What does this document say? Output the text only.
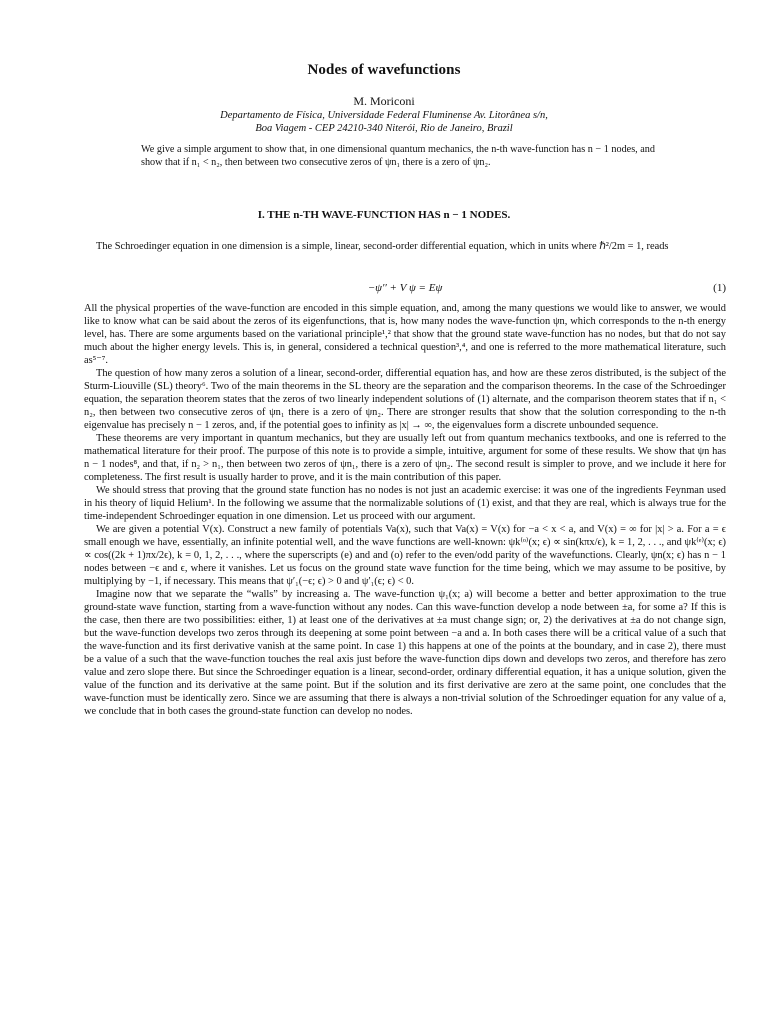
Nodes of wavefunctions
M. Moriconi
Departamento de Física, Universidade Federal Fluminense Av. Litorânea s/n,
Boa Viagem - CEP 24210-340 Niterói, Rio de Janeiro, Brazil
We give a simple argument to show that, in one dimensional quantum mechanics, the n-th wave-function has n − 1 nodes, and show that if n₁ < n₂, then between two consecutive zeros of ψn₁ there is a zero of ψn₂.
I. THE n-TH WAVE-FUNCTION HAS n − 1 NODES.

The Schroedinger equation in one dimension is a simple, linear, second-order differential equation, which in units where ℏ²/2m = 1, reads

−ψ′′ + V ψ = Eψ	(1)

All the physical properties of the wave-function are encoded in this simple equation, and, among the many questions we would like to answer, we would like to know what can be said about the zeros of its eigenfunctions, that is, how many nodes the wave-function ψn, which corresponds to the n-th energy level, has. There are some arguments based on the variational principle¹,² that show that the ground state wave-function has no nodes, but that do not say much about the higher energy levels. This is, in general, considered a technical question³,⁴, and one is referred to the more mathematical literature, such as⁵⁻⁷.

The question of how many zeros a solution of a linear, second-order, differential equation has, and how are these zeros distributed, is the subject of the Sturm-Liouville (SL) theory⁶. Two of the main theorems in the SL theory are the separation and the comparison theorems. In the case of the Schroedinger equation, the separation theorem states that the zeros of two linearly independent solutions of (1) alternate, and the comparison theorem states that if n₁ < n₂, then between two consecutive zeros of ψn₁ there is a zero of ψn₂. There are stronger results that show that the solution corresponding to the n-th eigenvalue has precisely n − 1 zeros, and, if the potential goes to infinity as |x| → ∞, the eigenvalues form a discrete unbounded sequence.

These theorems are very important in quantum mechanics, but they are usually left out from quantum mechanics textbooks, and one is referred to the mathematical literature for their proof. The purpose of this note is to provide a simple, intuitive, argument for some of these results. We show that ψn has n − 1 nodes⁸, and that, if n₂ > n₁, then between two zeros of ψn₁, there is a zero of ψn₂. The second result is simpler to prove, and we include it here for completeness. The first result is usually harder to prove, and it is the main contribution of this paper.

We should stress that proving that the ground state function has no nodes is not just an academic exercise: it was one of the ingredients Feynman used in his theory of liquid Helium¹. In the following we assume that the normalizable solutions of (1) exist, and that they are real, which is always true for the time-independent Schroedinger equation in one dimension. Let us proceed with our argument.

We are given a potential V(x). Construct a new family of potentials Va(x), such that Va(x) = V(x) for −a < x < a, and V(x) = ∞ for |x| > a. For a = ϵ small enough we have, essentially, an infinite potential well, and the wave functions are well-known: ψk⁽ᵒ⁾(x; ϵ) ∝ sin(kπx/ϵ), k = 1, 2, . . ., and ψk⁽ᵉ⁾(x; ϵ) ∝ cos((2k + 1)πx/2ϵ), k = 0, 1, 2, . . ., where the superscripts (e) and and (o) refer to the even/odd parity of the wavefunctions. Clearly, ψn(x; ϵ) has n − 1 nodes between −ϵ and ϵ, where it vanishes. Let us focus on the ground state wave function for the time being, which we may assume to be positive, by multiplying by −1, if necessary. This means that ψ′₁(−ϵ; ϵ) > 0 and ψ′₁(ϵ; ϵ) < 0.

Imagine now that we separate the “walls” by increasing a. The wave-function ψ₁(x; a) will become a better and better approximation to the true ground-state wave function, starting from a wave-function without any nodes. Can this wave-function develop a node between ±a, for some a? If this is the case, then there are two possibilities: either, 1) at least one of the derivatives at ±a must change sign; or, 2) the derivatives at ±a do not change sign, but the wave-function develops two zeros through its deepening at some point between −a and a. In both cases there will be a critical value of a such that the wave-function and its first derivative vanish at the same point. In case 1) this happens at one of the points at the boundary, and in case 2), there must be a value of a such that the wave-function touches the real axis just before the wave-function dips down and develops two zeros, and therefore has zero value and zero slope there. But since the Schroedinger equation is a linear, second-order, ordinary differential equation, it has a unique solution, given the value of the function and its derivative at the same point. But if the solution and its first derivative are zero at the same point, one concludes that the wave-function must be identically zero. Since we are assuming that there is always a non-trivial solution of the Schroedinger equation for any value of a, we conclude that in both cases the ground-state function can develop no nodes.
